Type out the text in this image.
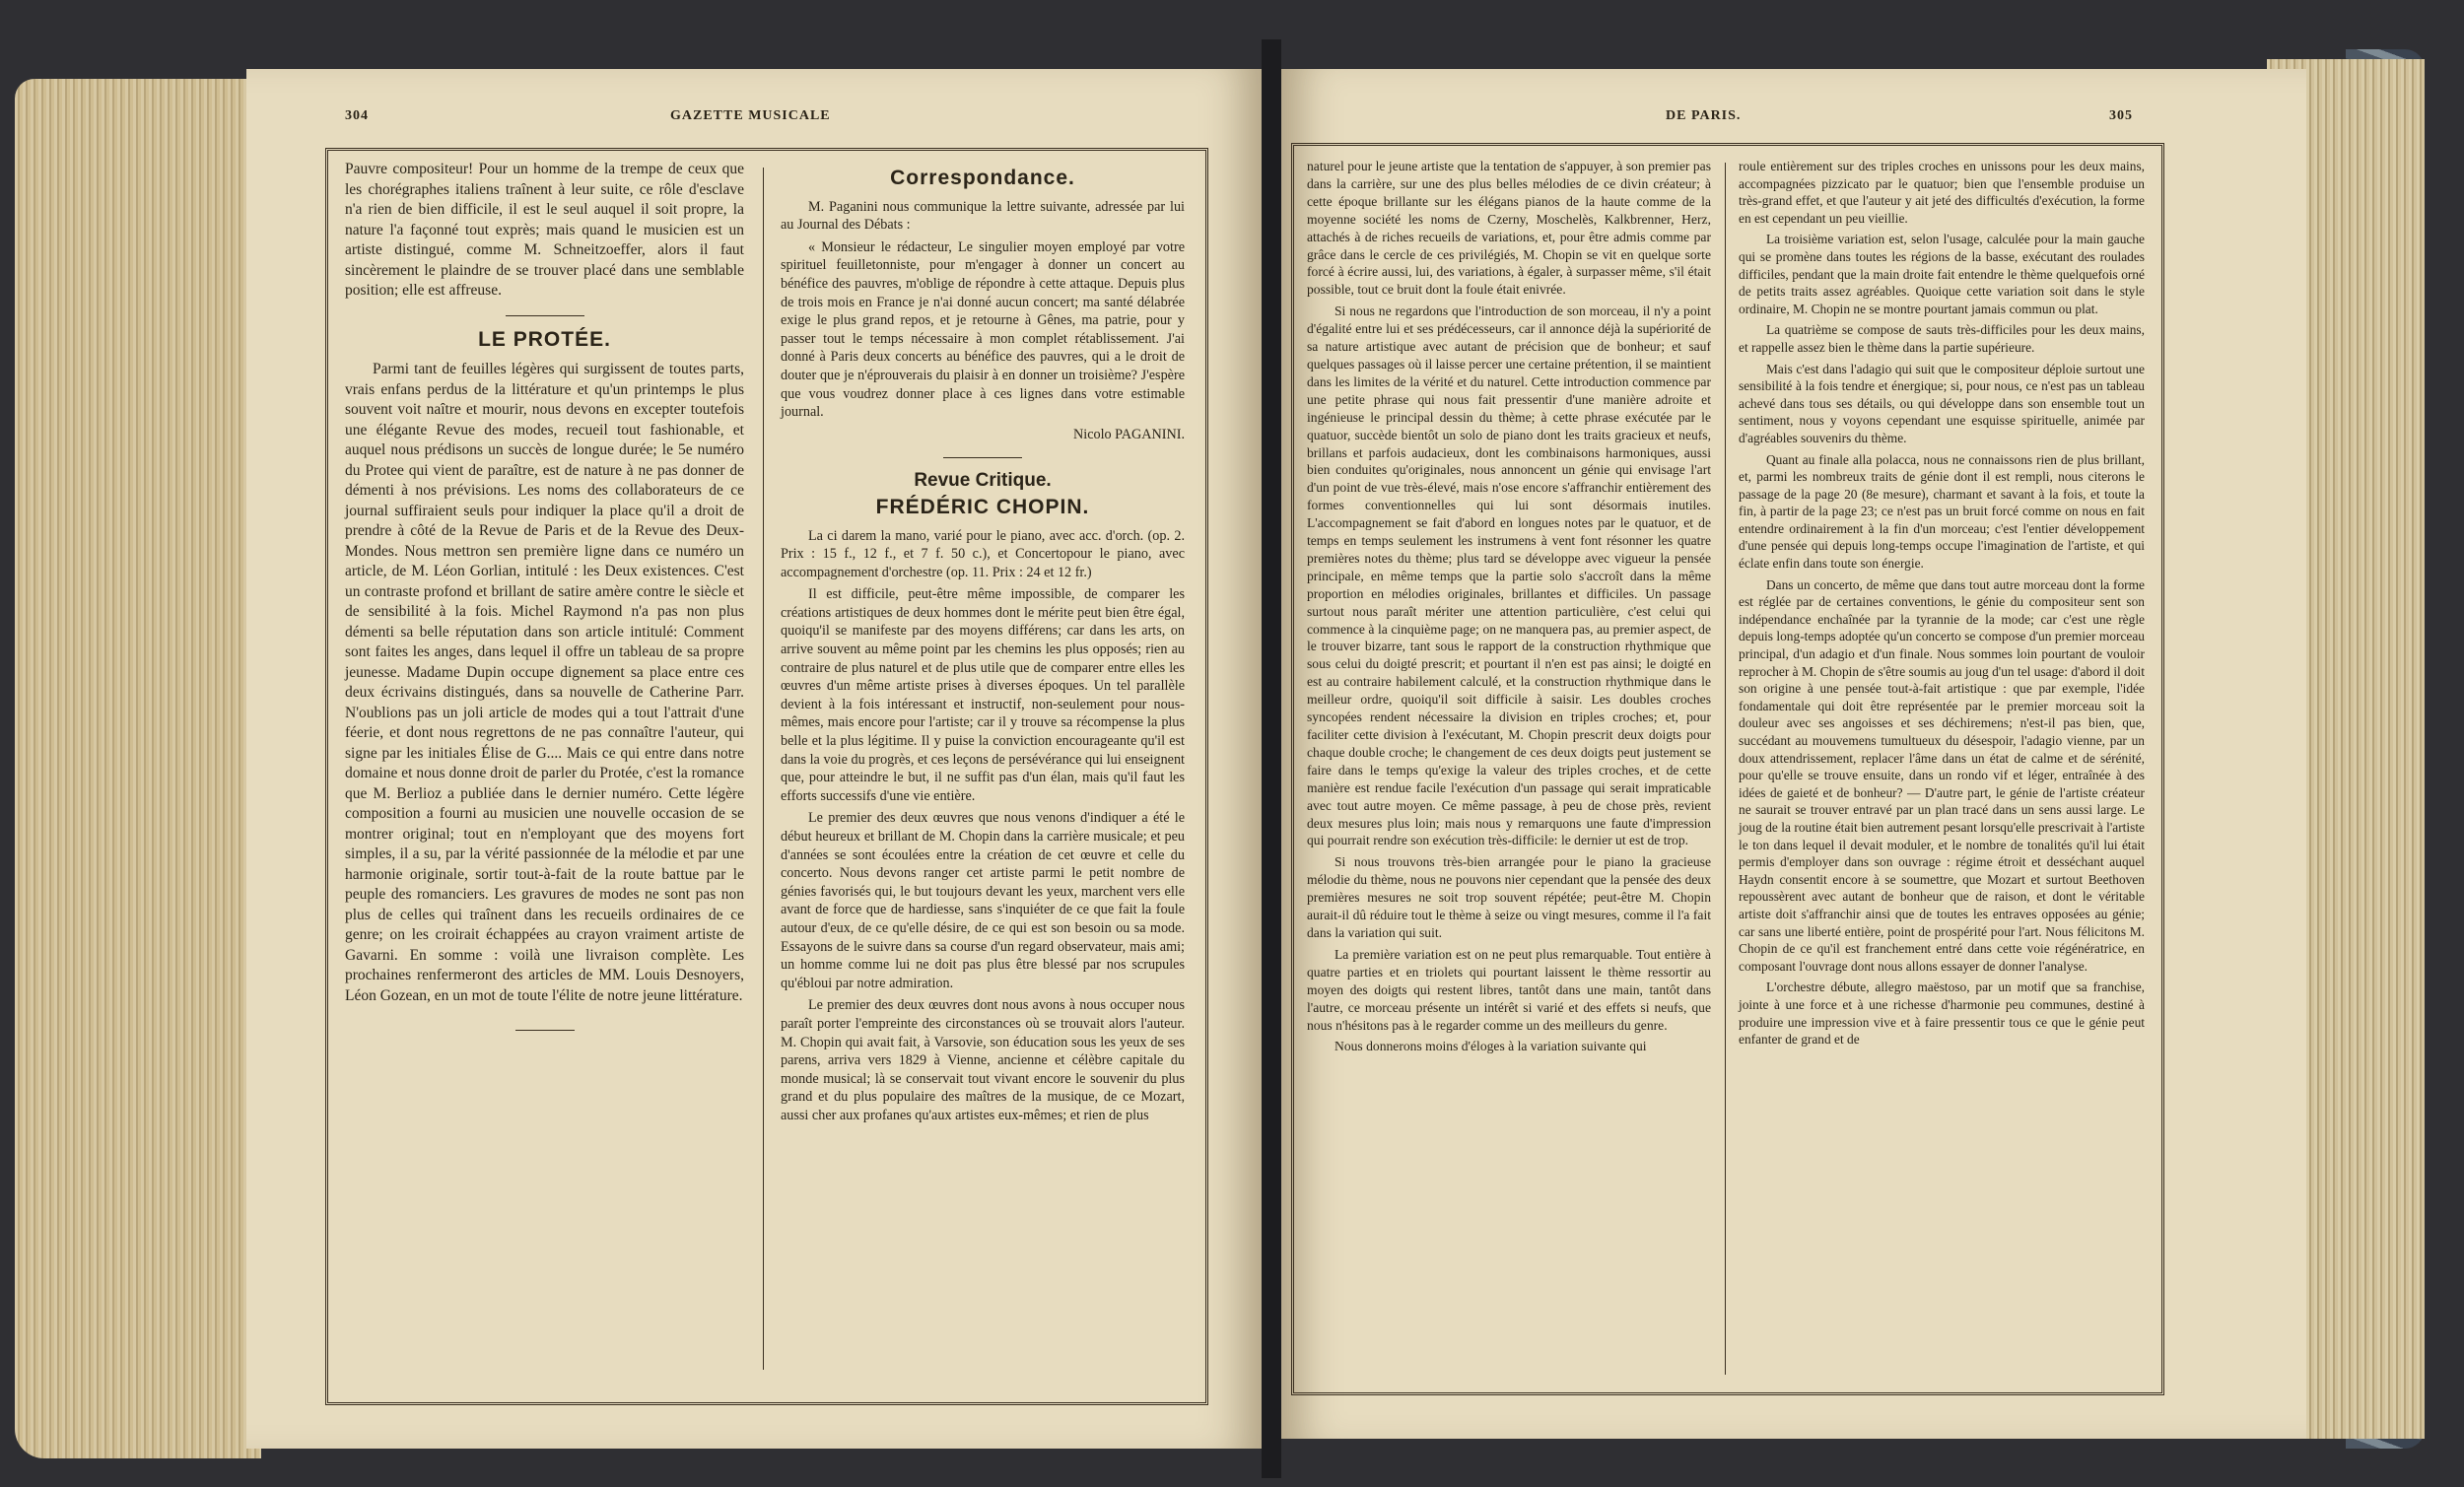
304	GAZETTE MUSICALE

Pauvre compositeur! Pour un homme de la trempe de ceux que les chorégraphes italiens traînent à leur suite, ce rôle d'esclave n'a rien de bien difficile, il est le seul auquel il soit propre, la nature l'a façonné tout exprès; mais quand le musicien est un artiste distingué, comme M. Schneitzoeffer, alors il faut sincèrement le plaindre de se trouver placé dans une semblable position; elle est affreuse.

LE PROTÉE.

Parmi tant de feuilles légères qui surgissent de toutes parts, vrais enfans perdus de la littérature et qu'un printemps le plus souvent voit naître et mourir, nous devons en excepter toutefois une élégante Revue des modes, recueil tout fashionable, et auquel nous prédisons un succès de longue durée; le 5e numéro du Protee qui vient de paraître, est de nature à ne pas donner de démenti à nos prévisions. Les noms des collaborateurs de ce journal suffiraient seuls pour indiquer la place qu'il a droit de prendre à côté de la Revue de Paris et de la Revue des Deux-Mondes. Nous mettron sen première ligne dans ce numéro un article, de M. Léon Gorlian, intitulé : les Deux existences. C'est un contraste profond et brillant de satire amère contre le siècle et de sensibilité à la fois. Michel Raymond n'a pas non plus démenti sa belle réputation dans son article intitulé: Comment sont faites les anges, dans lequel il offre un tableau de sa propre jeunesse. Madame Dupin occupe dignement sa place entre ces deux écrivains distingués, dans sa nouvelle de Catherine Parr. N'oublions pas un joli article de modes qui a tout l'attrait d'une féerie, et dont nous regrettons de ne pas connaître l'auteur, qui signe par les initiales Élise de G.... Mais ce qui entre dans notre domaine et nous donne droit de parler du Protée, c'est la romance que M. Berlioz a publiée dans le dernier numéro. Cette légère composition a fourni au musicien une nouvelle occasion de se montrer original; tout en n'employant que des moyens fort simples, il a su, par la vérité passionnée de la mélodie et par une harmonie originale, sortir tout-à-fait de la route battue par le peuple des romanciers. Les gravures de modes ne sont pas non plus de celles qui traînent dans les recueils ordinaires de ce genre; on les croirait échappées au crayon vraiment artiste de Gavarni. En somme : voilà une livraison complète. Les prochaines renfermeront des articles de MM. Louis Desnoyers, Léon Gozean, en un mot de toute l'élite de notre jeune littérature.

Correspondance.

M. Paganini nous communique la lettre suivante, adressée par lui au Journal des Débats :

« Monsieur le rédacteur, Le singulier moyen employé par votre spirituel feuilletonniste, pour m'engager à donner un concert au bénéfice des pauvres, m'oblige de répondre à cette attaque. Depuis plus de trois mois en France je n'ai donné aucun concert; ma santé délabrée exige le plus grand repos, et je retourne à Gênes, ma patrie, pour y passer tout le temps nécessaire à mon complet rétablissement. J'ai donné à Paris deux concerts au bénéfice des pauvres, qui a le droit de douter que je n'éprouverais du plaisir à en donner un troisième? J'espère que vous voudrez donner place à ces lignes dans votre estimable journal.

Nicolo PAGANINI.

Revue Critique.
FRÉDÉRIC CHOPIN.

La ci darem la mano, varié pour le piano, avec acc. d'orch. (op. 2. Prix : 15 f., 12 f., et 7 f. 50 c.), et Concertopour le piano, avec accompagnement d'orchestre (op. 11. Prix : 24 et 12 fr.)

Il est difficile, peut-être même impossible, de comparer les créations artistiques de deux hommes dont le mérite peut bien être égal, quoiqu'il se manifeste par des moyens différens; car dans les arts, on arrive souvent au même point par les chemins les plus opposés; rien au contraire de plus naturel et de plus utile que de comparer entre elles les œuvres d'un même artiste prises à diverses époques. Un tel parallèle devient à la fois intéressant et instructif, non-seulement pour nous-mêmes, mais encore pour l'artiste; car il y trouve sa récompense la plus belle et la plus légitime. Il y puise la conviction encourageante qu'il est dans la voie du progrès, et ces leçons de persévérance qui lui enseignent que, pour atteindre le but, il ne suffit pas d'un élan, mais qu'il faut les efforts successifs d'une vie entière.

Le premier des deux œuvres que nous venons d'indiquer a été le début heureux et brillant de M. Chopin dans la carrière musicale; et peu d'années se sont écoulées entre la création de cet œuvre et celle du concerto. Nous devons ranger cet artiste parmi le petit nombre de génies favorisés qui, le but toujours devant les yeux, marchent vers elle avant de force que de hardiesse, sans s'inquiéter de ce que fait la foule autour d'eux, de ce qu'elle désire, de ce qui est son besoin ou sa mode. Essayons de le suivre dans sa course d'un regard observateur, mais ami; un homme comme lui ne doit pas plus être blessé par nos scrupules qu'ébloui par notre admiration.

Le premier des deux œuvres dont nous avons à nous occuper nous paraît porter l'empreinte des circonstances où se trouvait alors l'auteur. M. Chopin qui avait fait, à Varsovie, son éducation sous les yeux de ses parens, arriva vers 1829 à Vienne, ancienne et célèbre capitale du monde musical; là se conservait tout vivant encore le souvenir du plus grand et du plus populaire des maîtres de la musique, de ce Mozart, aussi cher aux profanes qu'aux artistes eux-mêmes; et rien de plus

DE PARIS.	305

naturel pour le jeune artiste que la tentation de s'appuyer, à son premier pas dans la carrière, sur une des plus belles mélodies de ce divin créateur; à cette époque brillante sur les élégans pianos de la haute comme de la moyenne société les noms de Czerny, Moschelès, Kalkbrenner, Herz, attachés à de riches recueils de variations, et, pour être admis comme par grâce dans le cercle de ces privilégiés, M. Chopin se vit en quelque sorte forcé à écrire aussi, lui, des variations, à égaler, à surpasser même, s'il était possible, tout ce bruit dont la foule était enivrée.

Si nous ne regardons que l'introduction de son morceau, il n'y a point d'égalité entre lui et ses prédécesseurs, car il annonce déjà la supériorité de sa nature artistique avec autant de précision que de bonheur; et sauf quelques passages où il laisse percer une certaine prétention, il se maintient dans les limites de la vérité et du naturel. Cette introduction commence par une petite phrase qui nous fait pressentir d'une manière adroite et ingénieuse le principal dessin du thème; à cette phrase exécutée par le quatuor, succède bientôt un solo de piano dont les traits gracieux et neufs, brillans et parfois audacieux, dont les combinaisons harmoniques, aussi bien conduites qu'originales, nous annoncent un génie qui envisage l'art d'un point de vue très-élevé, mais n'ose encore s'affranchir entièrement des formes conventionnelles qui lui sont désormais inutiles. L'accompagnement se fait d'abord en longues notes par le quatuor, et de temps en temps seulement les instrumens à vent font résonner les quatre premières notes du thème; plus tard se développe avec vigueur la pensée principale, en même temps que la partie solo s'accroît dans la même proportion en mélodies originales, brillantes et difficiles. Un passage surtout nous paraît mériter une attention particulière, c'est celui qui commence à la cinquième page; on ne manquera pas, au premier aspect, de le trouver bizarre, tant sous le rapport de la construction rhythmique que sous celui du doigté prescrit; et pourtant il n'en est pas ainsi; le doigté en est au contraire habilement calculé, et la construction rhythmique dans le meilleur ordre, quoiqu'il soit difficile à saisir. Les doubles croches syncopées rendent nécessaire la division en triples croches; et, pour faciliter cette division à l'exécutant, M. Chopin prescrit deux doigts pour chaque double croche; le changement de ces deux doigts peut justement se faire dans le temps qu'exige la valeur des triples croches, et de cette manière est rendue facile l'exécution d'un passage qui serait impraticable avec tout autre moyen. Ce même passage, à peu de chose près, revient deux mesures plus loin; mais nous y remarquons une faute d'impression qui pourrait rendre son exécution très-difficile: le dernier ut est de trop.

Si nous trouvons très-bien arrangée pour le piano la gracieuse mélodie du thème, nous ne pouvons nier cependant que la pensée des deux premières mesures ne soit trop souvent répétée; peut-être M. Chopin aurait-il dû réduire tout le thème à seize ou vingt mesures, comme il l'a fait dans la variation qui suit.

La première variation est on ne peut plus remarquable. Tout entière à quatre parties et en triolets qui pourtant laissent le thème ressortir au moyen des doigts qui restent libres, tantôt dans une main, tantôt dans l'autre, ce morceau présente un intérêt si varié et des effets si neufs, que nous n'hésitons pas à le regarder comme un des meilleurs du genre.

Nous donnerons moins d'éloges à la variation suivante qui

roule entièrement sur des triples croches en unissons pour les deux mains, accompagnées pizzicato par le quatuor; bien que l'ensemble produise un très-grand effet, et que l'auteur y ait jeté des difficultés d'exécution, la forme en est cependant un peu vieillie.

La troisième variation est, selon l'usage, calculée pour la main gauche qui se promène dans toutes les régions de la basse, exécutant des roulades difficiles, pendant que la main droite fait entendre le thème quelquefois orné de petits traits assez agréables. Quoique cette variation soit dans le style ordinaire, M. Chopin ne se montre pourtant jamais commun ou plat.

La quatrième se compose de sauts très-difficiles pour les deux mains, et rappelle assez bien le thème dans la partie supérieure.

Mais c'est dans l'adagio qui suit que le compositeur déploie surtout une sensibilité à la fois tendre et énergique; si, pour nous, ce n'est pas un tableau achevé dans tous ses détails, ou qui développe dans son ensemble tout un sentiment, nous y voyons cependant une esquisse spirituelle, animée par d'agréables souvenirs du thème.

Quant au finale alla polacca, nous ne connaissons rien de plus brillant, et, parmi les nombreux traits de génie dont il est rempli, nous citerons le passage de la page 20 (8e mesure), charmant et savant à la fois, et toute la fin, à partir de la page 23; ce n'est pas un bruit forcé comme on nous en fait entendre ordinairement à la fin d'un morceau; c'est l'entier développement d'une pensée qui depuis long-temps occupe l'imagination de l'artiste, et qui éclate enfin dans toute son énergie.

Dans un concerto, de même que dans tout autre morceau dont la forme est réglée par de certaines conventions, le génie du compositeur sent son indépendance enchaînée par la tyrannie de la mode; car c'est une règle depuis long-temps adoptée qu'un concerto se compose d'un premier morceau principal, d'un adagio et d'un finale. Nous sommes loin pourtant de vouloir reprocher à M. Chopin de s'être soumis au joug d'un tel usage: d'abord il doit son origine à une pensée tout-à-fait artistique : que par exemple, l'idée fondamentale qui doit être représentée par le premier morceau soit la douleur avec ses angoisses et ses déchiremens; n'est-il pas bien, que, succédant au mouvemens tumultueux du désespoir, l'adagio vienne, par un doux attendrissement, replacer l'âme dans un état de calme et de sérénité, pour qu'elle se trouve ensuite, dans un rondo vif et léger, entraînée à des idées de gaieté et de bonheur? — D'autre part, le génie de l'artiste créateur ne saurait se trouver entravé par un plan tracé dans un sens aussi large. Le joug de la routine était bien autrement pesant lorsqu'elle prescrivait à l'artiste le ton dans lequel il devait moduler, et le nombre de tonalités qu'il lui était permis d'employer dans son ouvrage : régime étroit et desséchant auquel Haydn consentit encore à se soumettre, que Mozart et surtout Beethoven repoussèrent avec autant de bonheur que de raison, et dont le véritable artiste doit s'affranchir ainsi que de toutes les entraves opposées au génie; car sans une liberté entière, point de prospérité pour l'art. Nous félicitons M. Chopin de ce qu'il est franchement entré dans cette voie régénératrice, en composant l'ouvrage dont nous allons essayer de donner l'analyse.

L'orchestre débute, allegro maëstoso, par un motif que sa franchise, jointe à une force et à une richesse d'harmonie peu communes, destiné à produire une impression vive et à faire pressentir tous ce que le génie peut enfanter de grand et de
